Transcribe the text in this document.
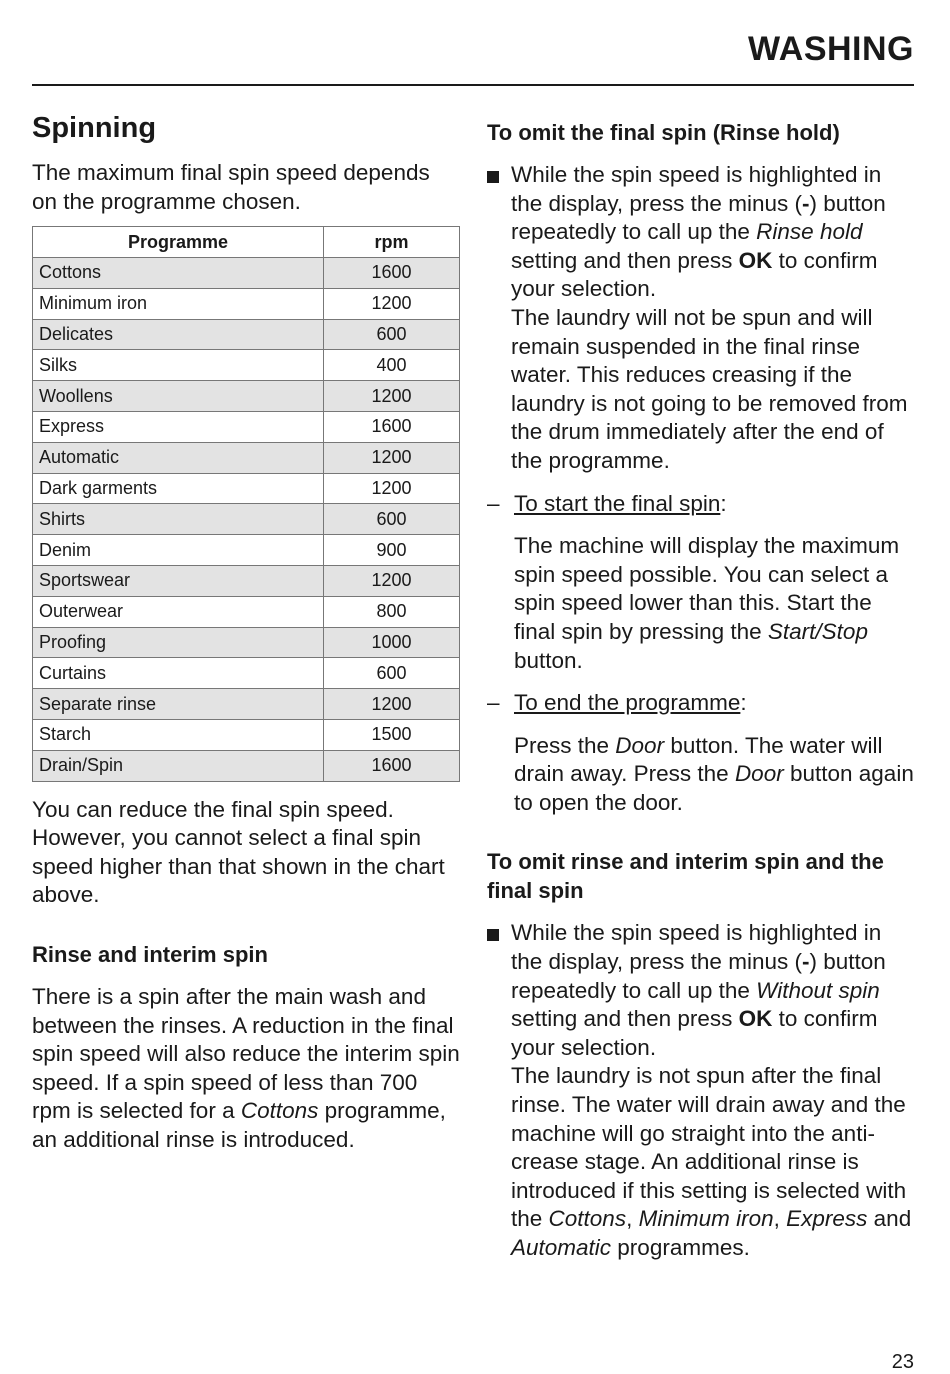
WASHING
Spinning

The maximum final spin speed depends on the programme chosen.

Programme	rpm
Cottons	1600
Minimum iron	1200
Delicates	600
Silks	400
Woollens	1200
Express	1600
Automatic	1200
Dark garments	1200
Shirts	600
Denim	900
Sportswear	1200
Outerwear	800
Proofing	1000
Curtains	600
Separate rinse	1200
Starch	1500
Drain/Spin	1600

You can reduce the final spin speed. However, you cannot select a final spin speed higher than that shown in the chart above.

Rinse and interim spin

There is a spin after the main wash and between the rinses. A reduction in the final spin speed will also reduce the interim spin speed. If a spin speed of less than 700 rpm is selected for a Cottons programme, an additional rinse is introduced.

To omit the final spin (Rinse hold)
While the spin speed is highlighted in the display, press the minus (-) button repeatedly to call up the Rinse hold setting and then press OK to confirm your selection.
The laundry will not be spun and will remain suspended in the final rinse water. This reduces creasing if the laundry is not going to be removed from the drum immediately after the end of the programme.
– To start the final spin:

The machine will display the maximum spin speed possible. You can select a spin speed lower than this. Start the final spin by pressing the Start/Stop button.

– To end the programme:

Press the Door button. The water will drain away. Press the Door button again to open the door.

To omit rinse and interim spin and the final spin
While the spin speed is highlighted in the display, press the minus (-) button repeatedly to call up the Without spin setting and then press OK to confirm your selection.
The laundry is not spun after the final rinse. The water will drain away and the machine will go straight into the anti-crease stage. An additional rinse is introduced if this setting is selected with the Cottons, Minimum iron, Express and Automatic programmes.
23
